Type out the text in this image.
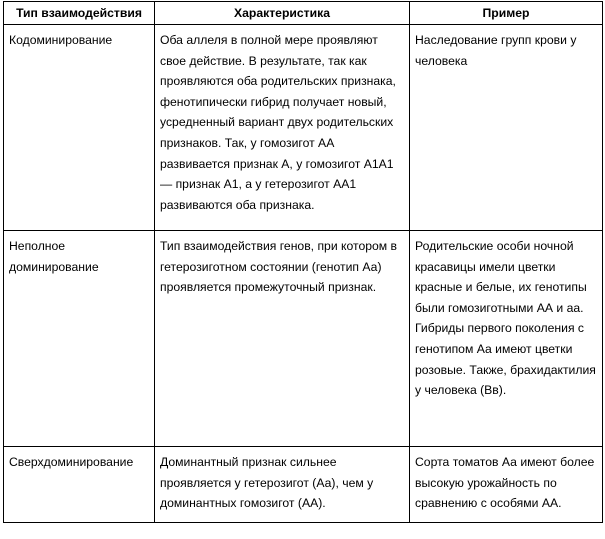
Тип взаимодействия	Характеристика	Пример
Кодоминирование	Оба аллеля в полной мере проявляют свое действие. В результате, так как проявляются оба родительских признака, фенотипически гибрид получает новый, усредненный вариант двух родительских признаков. Так, у гомозигот АА развивается признак А, у гомозигот А1А1 — признак А1, а у гетерозигот АА1 развиваются оба признака.	Наследование групп крови у человека
Неполное доминирование	Тип взаимодействия генов, при котором в гетерозиготном состоянии (генотип Аа) проявляется промежуточный признак.	Родительские особи ночной красавицы имели цветки красные и белые, их генотипы были гомозиготными АА и аа. Гибриды первого поколения с генотипом Аа имеют цветки розовые. Также, брахидактилия у человека (Вв).
Сверхдоминирование	Доминантный признак сильнее проявляется у гетерозигот (Аа), чем у доминантных гомозигот (АА).	Сорта томатов Аа имеют более высокую урожайность по сравнению с особями АА.
